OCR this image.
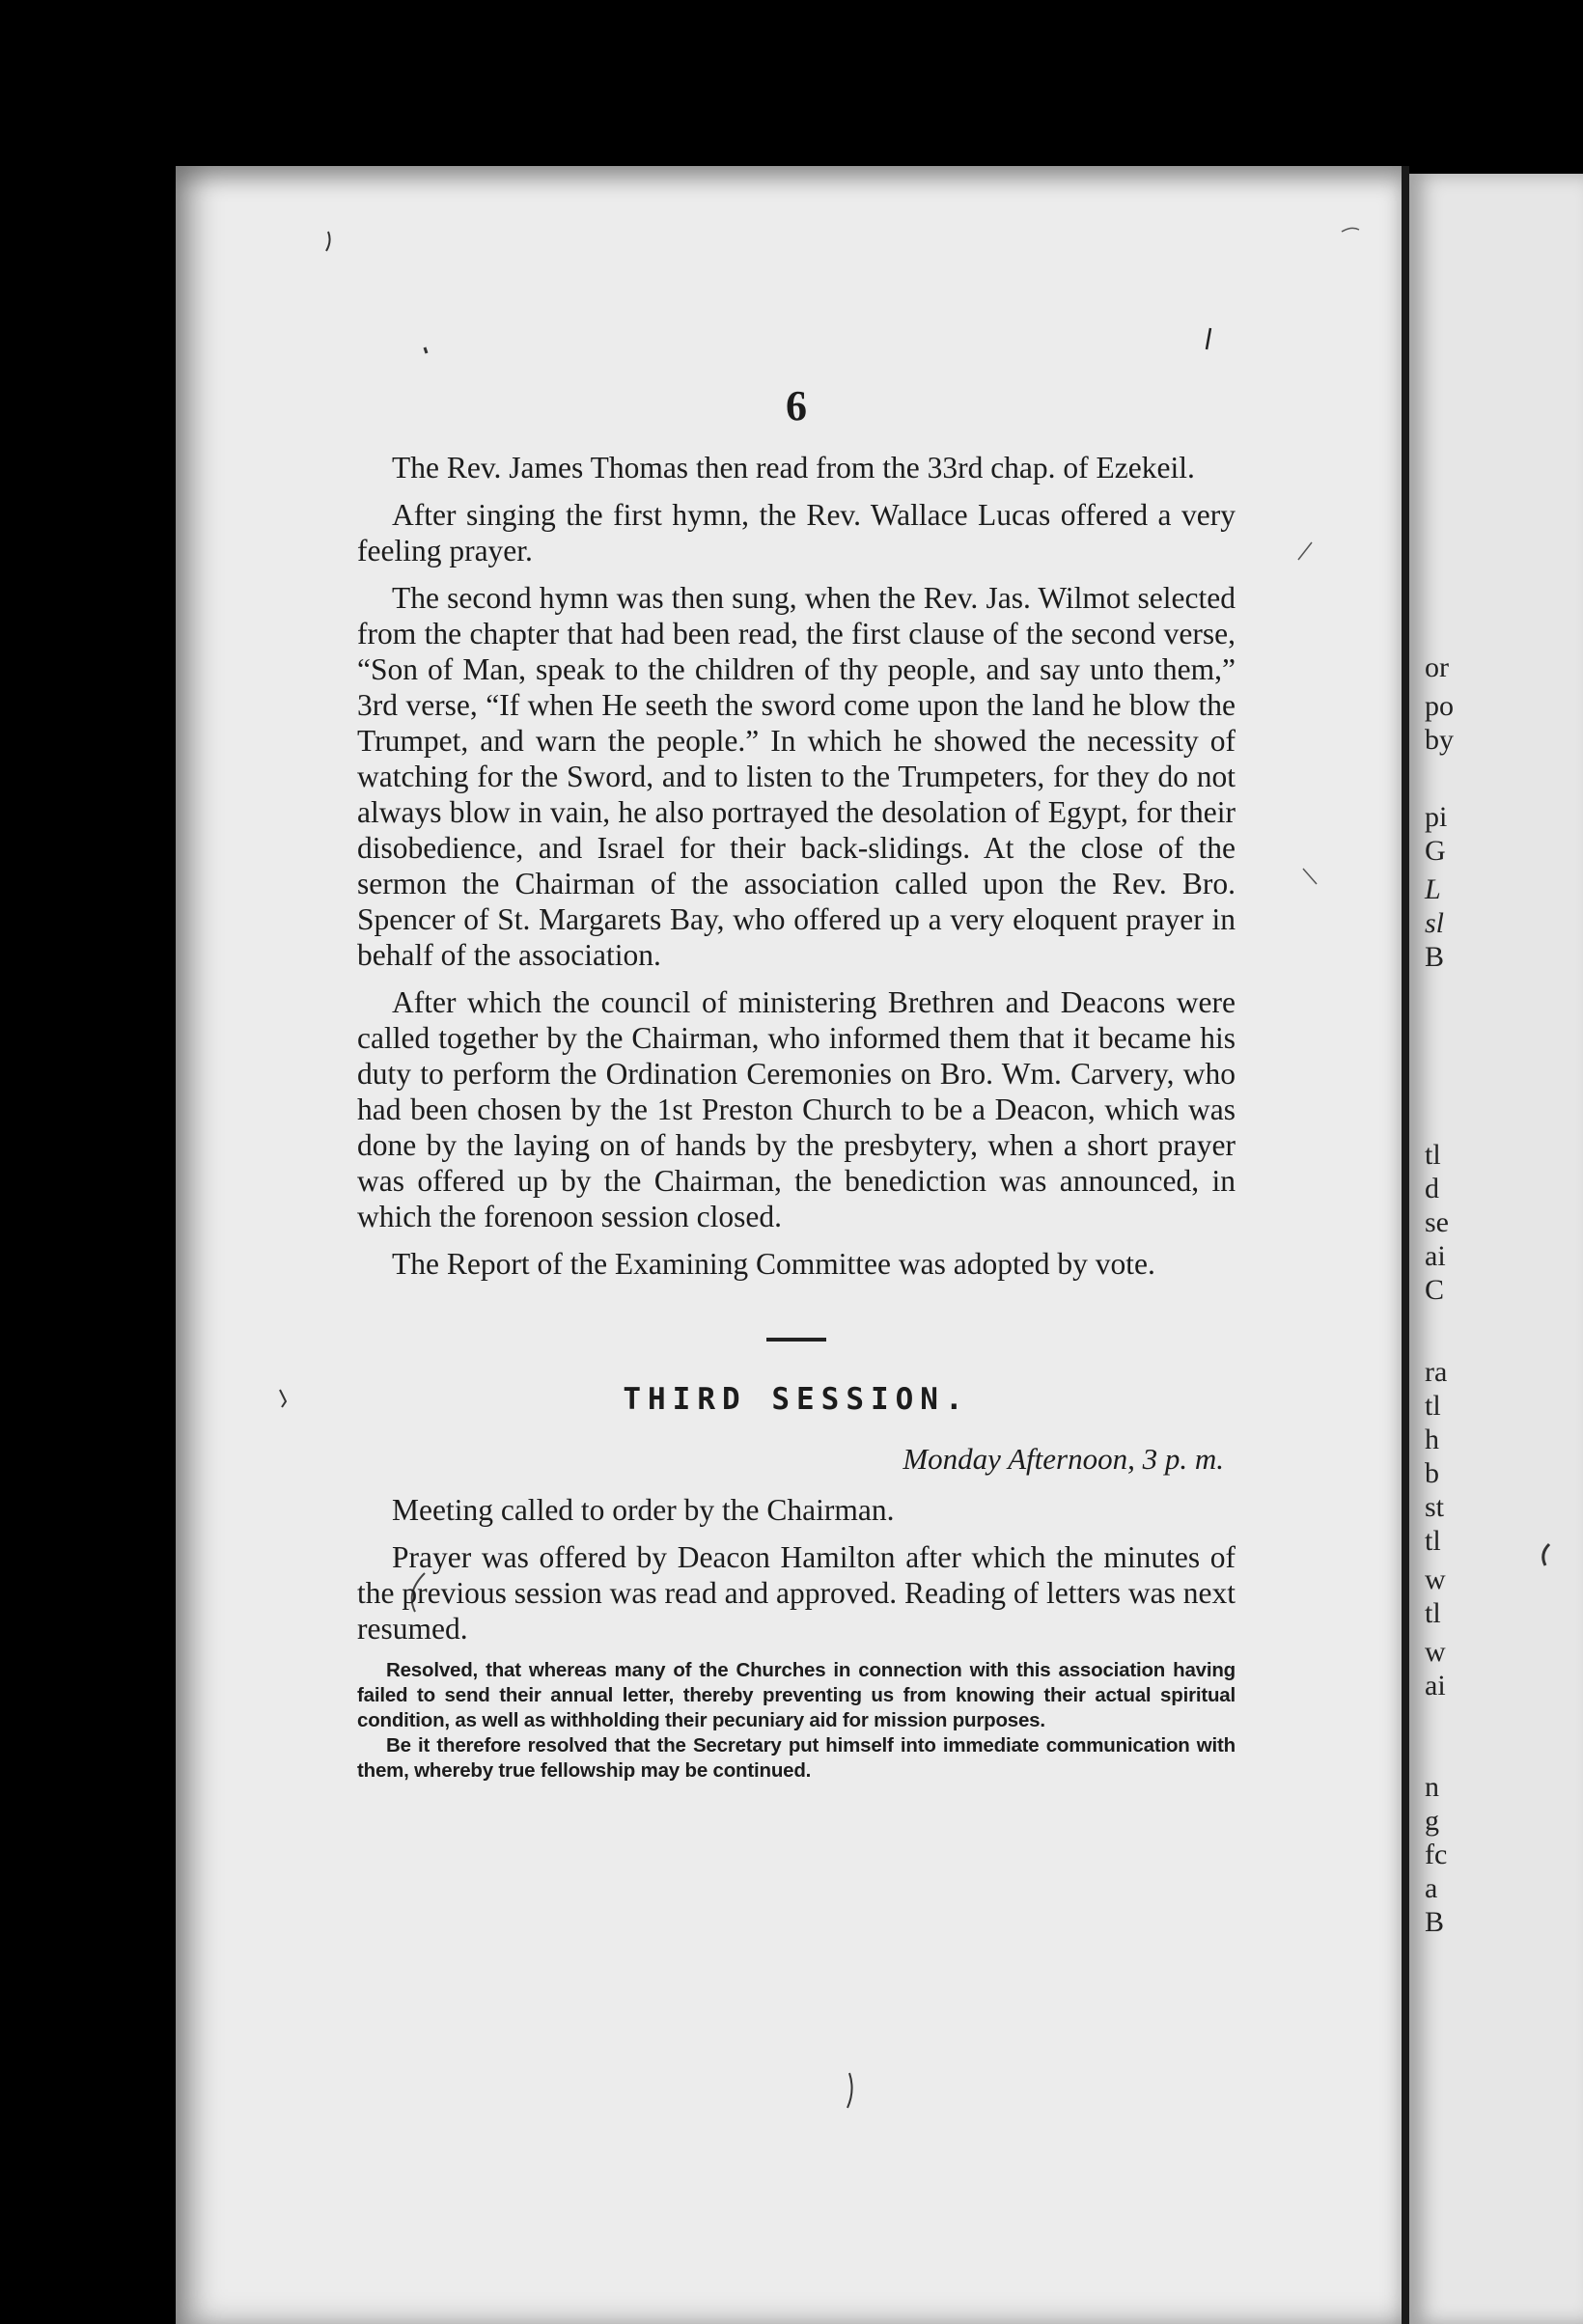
or
po
by
pi
G
L
sl
B
tl
d
se
ai
C
ra
tl
h
b
st
tl
w
tl
w
ai
n
g
fc
a
B
6

The Rev. James Thomas then read from the 33rd chap. of Ezekeil.

After singing the first hymn, the Rev. Wallace Lucas offered a very feeling prayer.

The second hymn was then sung, when the Rev. Jas. Wilmot selected from the chapter that had been read, the first clause of the second verse, “Son of Man, speak to the children of thy people, and say unto them,” 3rd verse, “If when He seeth the sword come upon the land he blow the Trumpet, and warn the people.” In which he showed the necessity of watching for the Sword, and to listen to the Trumpeters, for they do not always blow in vain, he also portrayed the desolation of Egypt, for their disobedience, and Israel for their back-slidings. At the close of the sermon the Chairman of the association called upon the Rev. Bro. Spencer of St. Margarets Bay, who offered up a very eloquent prayer in behalf of the association.

After which the council of ministering Brethren and Deacons were called together by the Chairman, who informed them that it became his duty to perform the Ordination Ceremonies on Bro. Wm. Carvery, who had been chosen by the 1st Preston Church to be a Deacon, which was done by the laying on of hands by the presbytery, when a short prayer was offered up by the Chairman, the benediction was announced, in which the forenoon session closed.

The Report of the Examining Committee was adopted by vote.

THIRD SESSION.
Monday Afternoon, 3 p. m.

Meeting called to order by the Chairman.

Prayer was offered by Deacon Hamilton after which the minutes of the previous session was read and approved. Reading of letters was next resumed.

Resolved, that whereas many of the Churches in connection with this association having failed to send their annual letter, thereby preventing us from knowing their actual spiritual condition, as well as withholding their pecuniary aid for mission purposes.

Be it therefore resolved that the Secretary put himself into immediate communication with them, whereby true fellowship may be continued.
